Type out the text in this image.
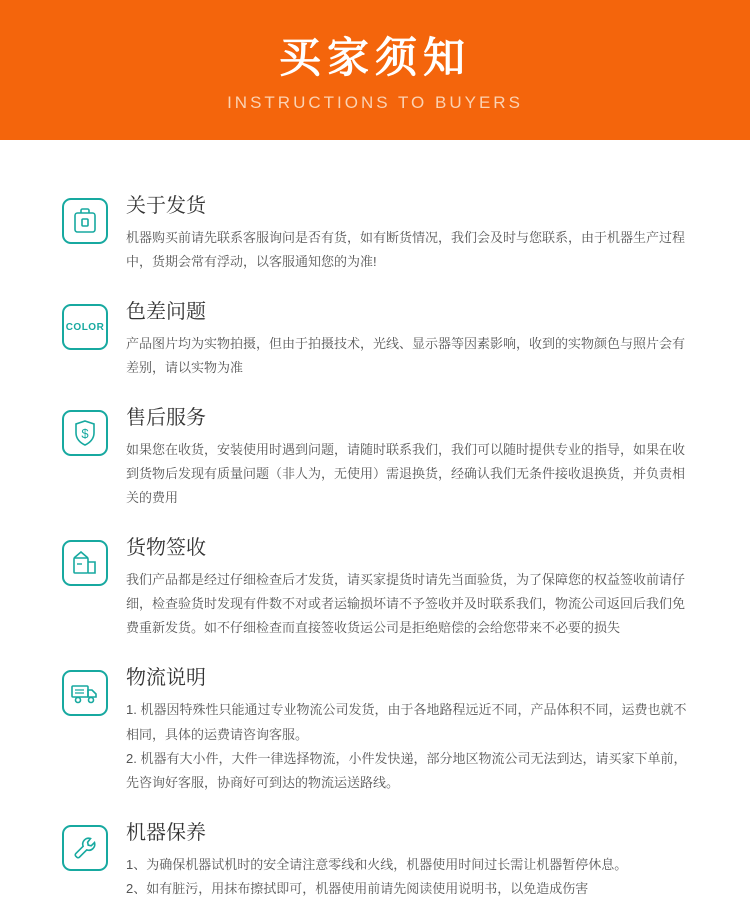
买家须知
INSTRUCTIONS TO BUYERS
关于发货

机器购买前请先联系客服询问是否有货，如有断货情况，我们会及时与您联系，由于机器生产过程中，货期会常有浮动，以客服通知您的为准!

COLOR
色差问题

产品图片均为实物拍摄，但由于拍摄技术，光线、显示器等因素影响，收到的实物颜色与照片会有差别，请以实物为准

$
售后服务

如果您在收货，安装使用时遇到问题，请随时联系我们，我们可以随时提供专业的指导，如果在收到货物后发现有质量问题（非人为，无使用）需退换货，经确认我们无条件接收退换货，并负责相关的费用

货物签收

我们产品都是经过仔细检查后才发货，请买家提货时请先当面验货，为了保障您的权益签收前请仔细，检查验货时发现有件数不对或者运输损坏请不予签收并及时联系我们，物流公司返回后我们免费重新发货。如不仔细检查而直接签收货运公司是拒绝赔偿的会给您带来不必要的损失

物流说明
1. 机器因特殊性只能通过专业物流公司发货，由于各地路程远近不同，产品体积不同，运费也就不相同，具体的运费请咨询客服。
2. 机器有大小件，大件一律选择物流，小件发快递，部分地区物流公司无法到达，请买家下单前，先咨询好客服，协商好可到达的物流运送路线。
机器保养
1、为确保机器试机时的安全请注意零线和火线，机器使用时间过长需让机器暂停休息。
2、如有脏污，用抹布擦拭即可，机器使用前请先阅读使用说明书，以免造成伤害
